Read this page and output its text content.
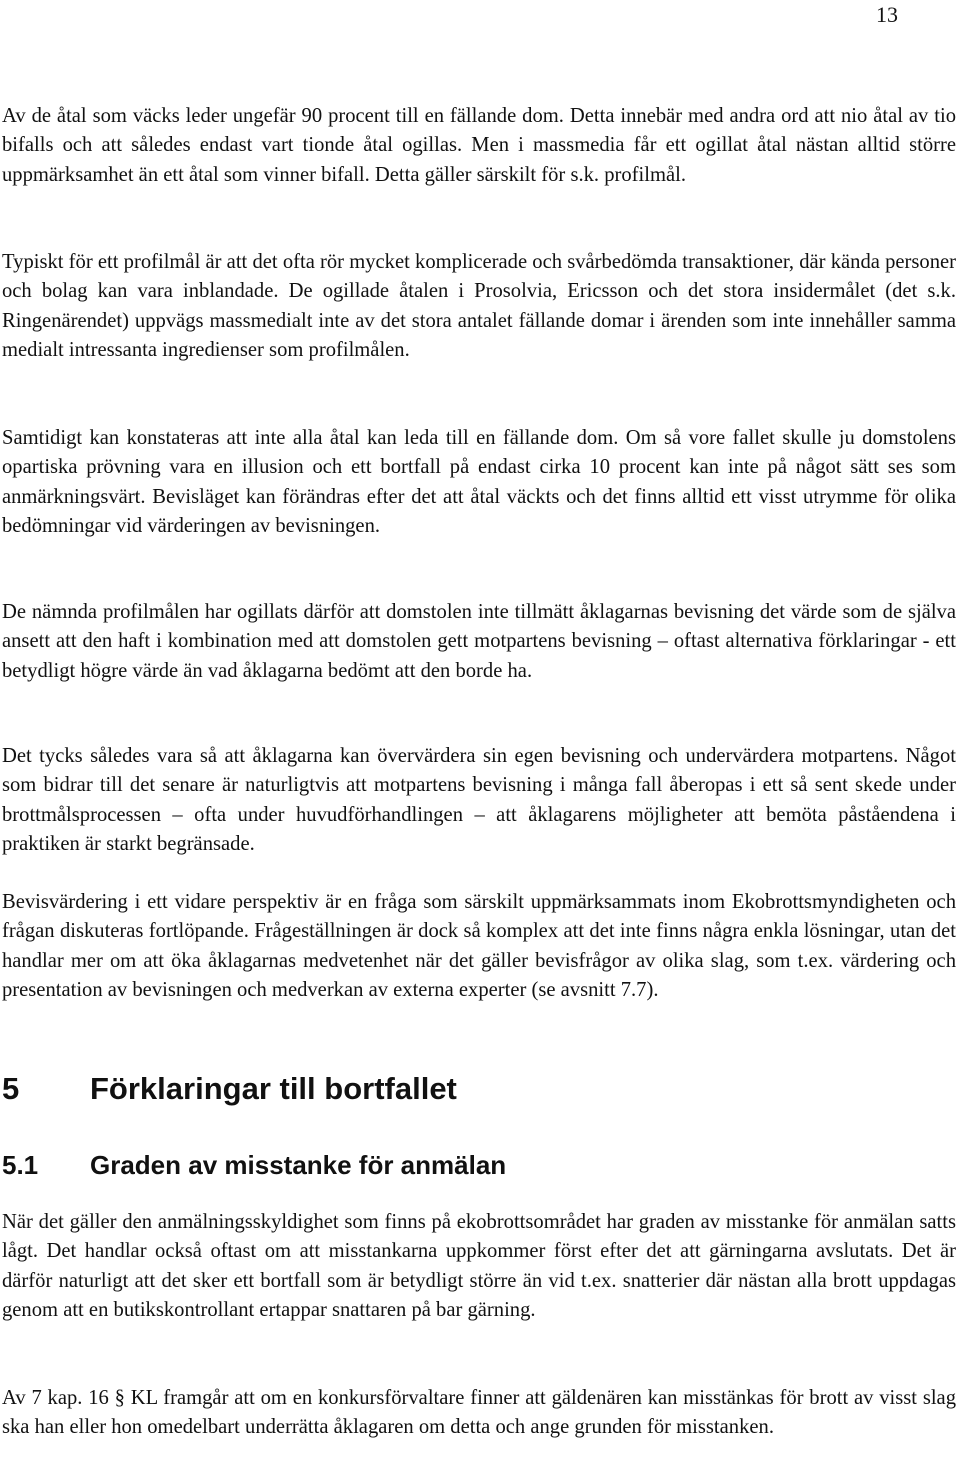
13

Av de åtal som väcks leder ungefär 90 procent till en fällande dom. Detta innebär med andra ord att nio åtal av tio bifalls och att således endast vart tionde åtal ogillas. Men i massmedia får ett ogillat åtal nästan alltid större uppmärksamhet än ett åtal som vinner bifall. Detta gäller särskilt för s.k. profilmål.

Typiskt för ett profilmål är att det ofta rör mycket komplicerade och svårbedömda transaktioner, där kända personer och bolag kan vara inblandade. De ogillade åtalen i Prosolvia, Ericsson och det stora insidermålet (det s.k. Ringenärendet) uppvägs massmedialt inte av det stora antalet fällande domar i ärenden som inte innehåller samma medialt intressanta ingredienser som profilmålen.

Samtidigt kan konstateras att inte alla åtal kan leda till en fällande dom. Om så vore fallet skulle ju domstolens opartiska prövning vara en illusion och ett bortfall på endast cirka 10 procent kan inte på något sätt ses som anmärkningsvärt. Bevisläget kan förändras efter det att åtal väckts och det finns alltid ett visst utrymme för olika bedömningar vid värderingen av bevisningen.

De nämnda profilmålen har ogillats därför att domstolen inte tillmätt åklagarnas bevisning det värde som de själva ansett att den haft i kombination med att domstolen gett motpartens bevisning – oftast alternativa förklaringar - ett betydligt högre värde än vad åklagarna bedömt att den borde ha.

Det tycks således vara så att åklagarna kan övervärdera sin egen bevisning och undervärdera motpartens. Något som bidrar till det senare är naturligtvis att motpartens bevisning i många fall åberopas i ett så sent skede under brottmålsprocessen – ofta under huvudförhandlingen – att åklagarens möjligheter att bemöta påståendena i praktiken är starkt begränsade.

Bevisvärdering i ett vidare perspektiv är en fråga som särskilt uppmärksammats inom Ekobrottsmyndigheten och frågan diskuteras fortlöpande. Frågeställningen är dock så komplex att det inte finns några enkla lösningar, utan det handlar mer om att öka åklagarnas medvetenhet när det gäller bevisfrågor av olika slag, som t.ex. värdering och presentation av bevisningen och medverkan av externa experter (se avsnitt 7.7).

5 Förklaringar till bortfallet
5.1 Graden av misstanke för anmälan

När det gäller den anmälningsskyldighet som finns på ekobrottsområdet har graden av misstanke för anmälan satts lågt. Det handlar också oftast om att misstankarna uppkommer först efter det att gärningarna avslutats. Det är därför naturligt att det sker ett bortfall som är betydligt större än vid t.ex. snatterier där nästan alla brott uppdagas genom att en butikskontrollant ertappar snattaren på bar gärning.

Av 7 kap. 16 § KL framgår att om en konkursförvaltare finner att gäldenären kan misstänkas för brott av visst slag ska han eller hon omedelbart underrätta åklagaren om detta och ange grunden för misstanken.
